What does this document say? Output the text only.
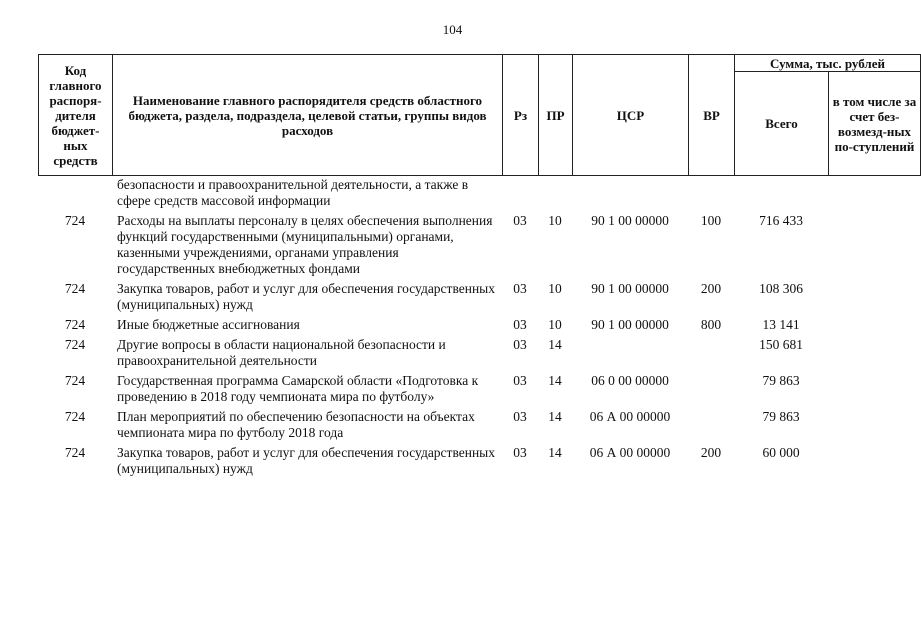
104
Код главного распоря-дителя бюджет-ных средств	Наименование главного распорядителя средств областного бюджета, раздела, подраздела, целевой статьи, группы видов расходов	Рз	ПР	ЦСР	ВР	Сумма, тыс. рублей	
						Всего	в том числе за счет без-возмезд-ных по-ступлений
	безопасности и правоохранительной деятельности, а также в сфере средств массовой информации						
724	Расходы на выплаты персоналу в целях обеспечения выполнения функций государственными (муниципальными) органами, казенными учреждениями, органами управления государственных внебюджетных фондами	03	10	90 1 00 00000	100	716 433	
724	Закупка товаров, работ и услуг для обеспечения государственных (муниципальных) нужд	03	10	90 1 00 00000	200	108 306	
724	Иные бюджетные ассигнования	03	10	90 1 00 00000	800	13 141	
724	Другие вопросы в области национальной безопасности и правоохранительной деятельности	03	14			150 681	
724	Государственная программа Самарской области «Подготовка к проведению в 2018 году чемпионата мира по футболу»	03	14	06 0 00 00000		79 863	
724	План мероприятий по обеспечению безопасности на объектах чемпионата мира по футболу 2018 года	03	14	06 А 00 00000		79 863	
724	Закупка товаров, работ и услуг для обеспечения государственных (муниципальных) нужд	03	14	06 А 00 00000	200	60 000	
